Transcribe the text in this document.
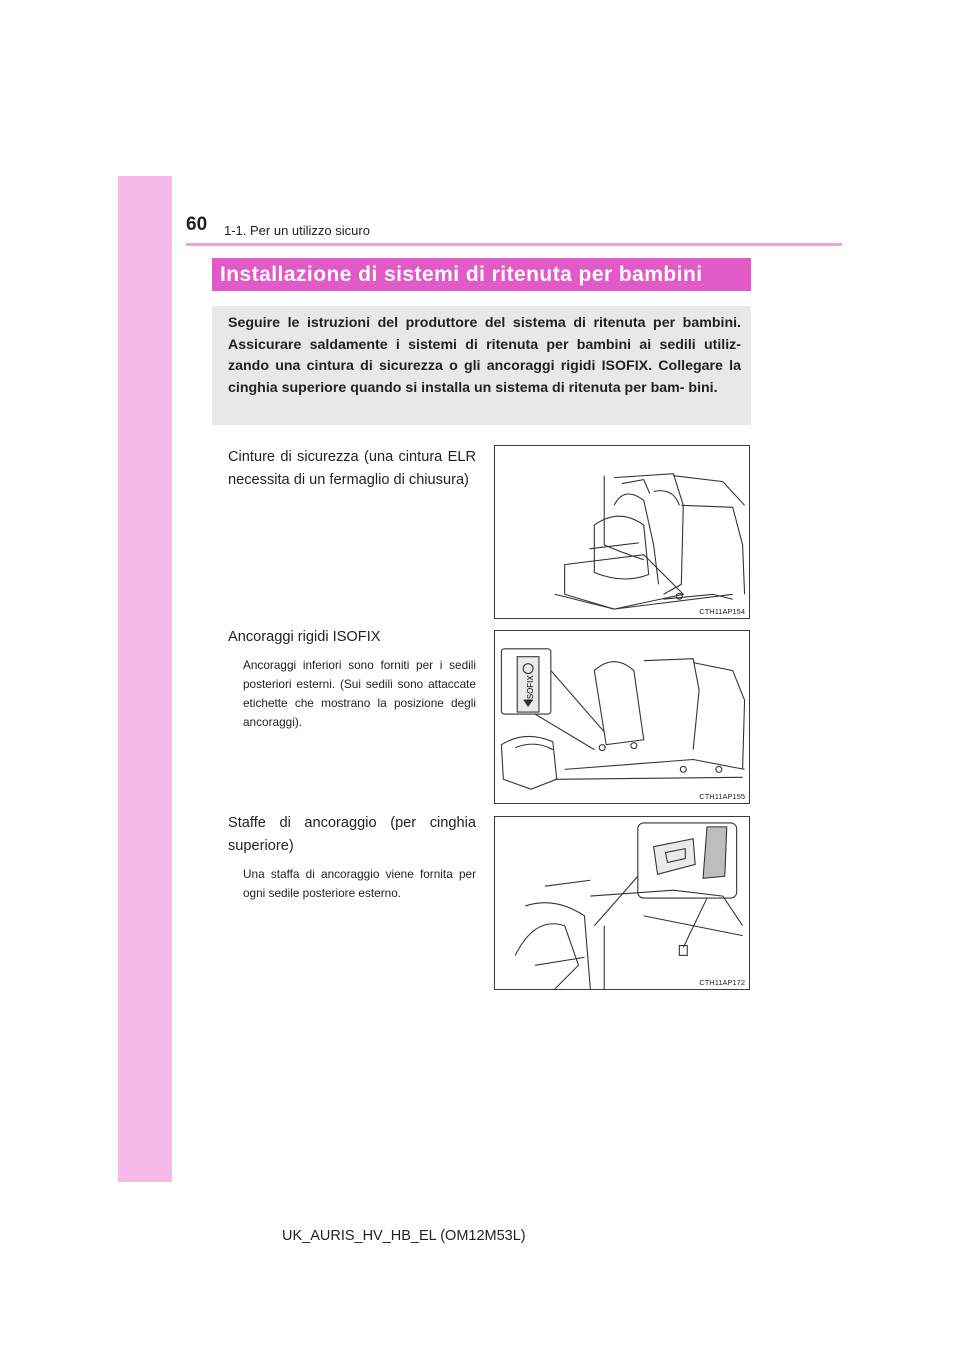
60 1-1. Per un utilizzo sicuro
Installazione di sistemi di ritenuta per bambini
Seguire le istruzioni del produttore del sistema di ritenuta per bambini. Assicurare saldamente i sistemi di ritenuta per bambini ai sedili utiliz- zando una cintura di sicurezza o gli ancoraggi rigidi ISOFIX. Collegare la cinghia superiore quando si installa un sistema di ritenuta per bam- bini.
Cinture di sicurezza (una cintura ELR necessita di un fermaglio di chiusura)
CTH11AP154
Ancoraggi rigidi ISOFIX
Ancoraggi inferiori sono forniti per i sedili posteriori esterni. (Sui sedili sono attaccate etichette che mostrano la posizione degli ancoraggi).
ISOFIX
CTH11AP155
Staffe di ancoraggio (per cinghia superiore)
Una staffa di ancoraggio viene fornita per ogni sedile posteriore esterno.
CTH11AP172
UK_AURIS_HV_HB_EL (OM12M53L)
